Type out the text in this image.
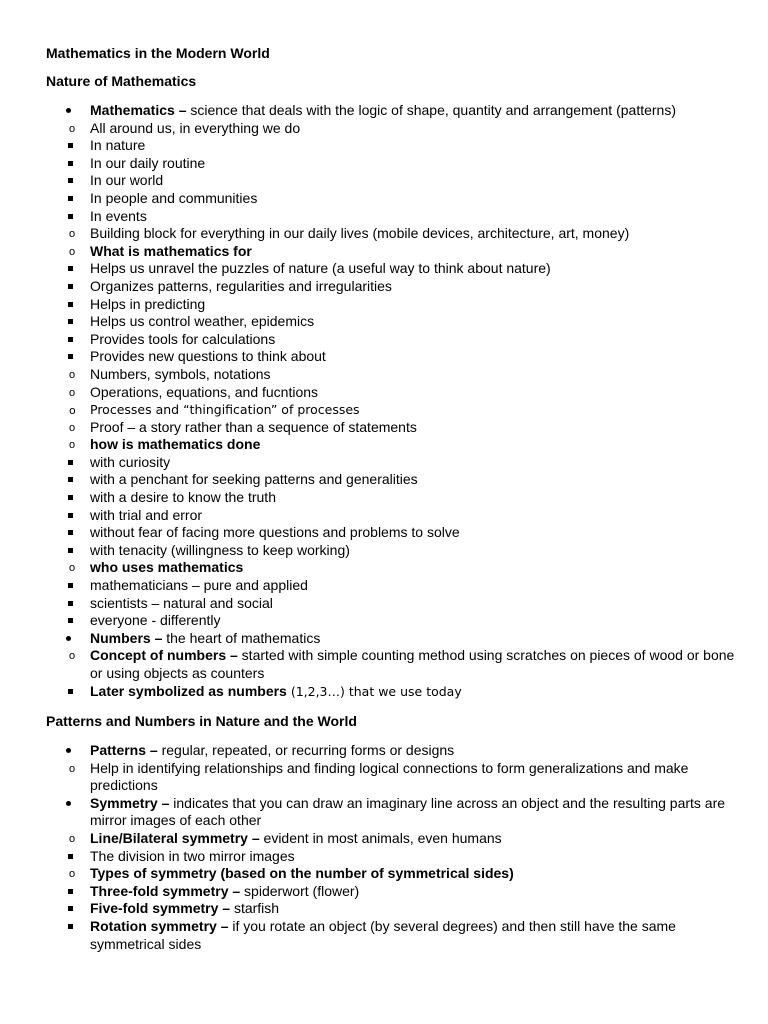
Mathematics in the Modern World
Nature of Mathematics
Mathematics – science that deals with the logic of shape, quantity and arrangement (patterns)
o All around us, in everything we do
In nature
In our daily routine
In our world
In people and communities
In events
o Building block for everything in our daily lives (mobile devices, architecture, art, money)
o What is mathematics for
Helps us unravel the puzzles of nature (a useful way to think about nature)
Organizes patterns, regularities and irregularities
Helps in predicting
Helps us control weather, epidemics
Provides tools for calculations
Provides new questions to think about
o Numbers, symbols, notations
o Operations, equations, and fucntions
o Processes and “thingification” of processes
o Proof – a story rather than a sequence of statements
o how is mathematics done
with curiosity
with a penchant for seeking patterns and generalities
with a desire to know the truth
with trial and error
without fear of facing more questions and problems to solve
with tenacity (willingness to keep working)
o who uses mathematics
mathematicians – pure and applied
scientists – natural and social
everyone - differently
Numbers – the heart of mathematics
o Concept of numbers – started with simple counting method using scratches on pieces of wood or bone or using objects as counters
Later symbolized as numbers (1,2,3…) that we use today
Patterns and Numbers in Nature and the World
Patterns – regular, repeated, or recurring forms or designs
o Help in identifying relationships and finding logical connections to form generalizations and make predictions
Symmetry – indicates that you can draw an imaginary line across an object and the resulting parts are mirror images of each other
o Line/Bilateral symmetry – evident in most animals, even humans
The division in two mirror images
o Types of symmetry (based on the number of symmetrical sides)
Three-fold symmetry – spiderwort (flower)
Five-fold symmetry – starfish
Rotation symmetry – if you rotate an object (by several degrees) and then still have the same symmetrical sides
